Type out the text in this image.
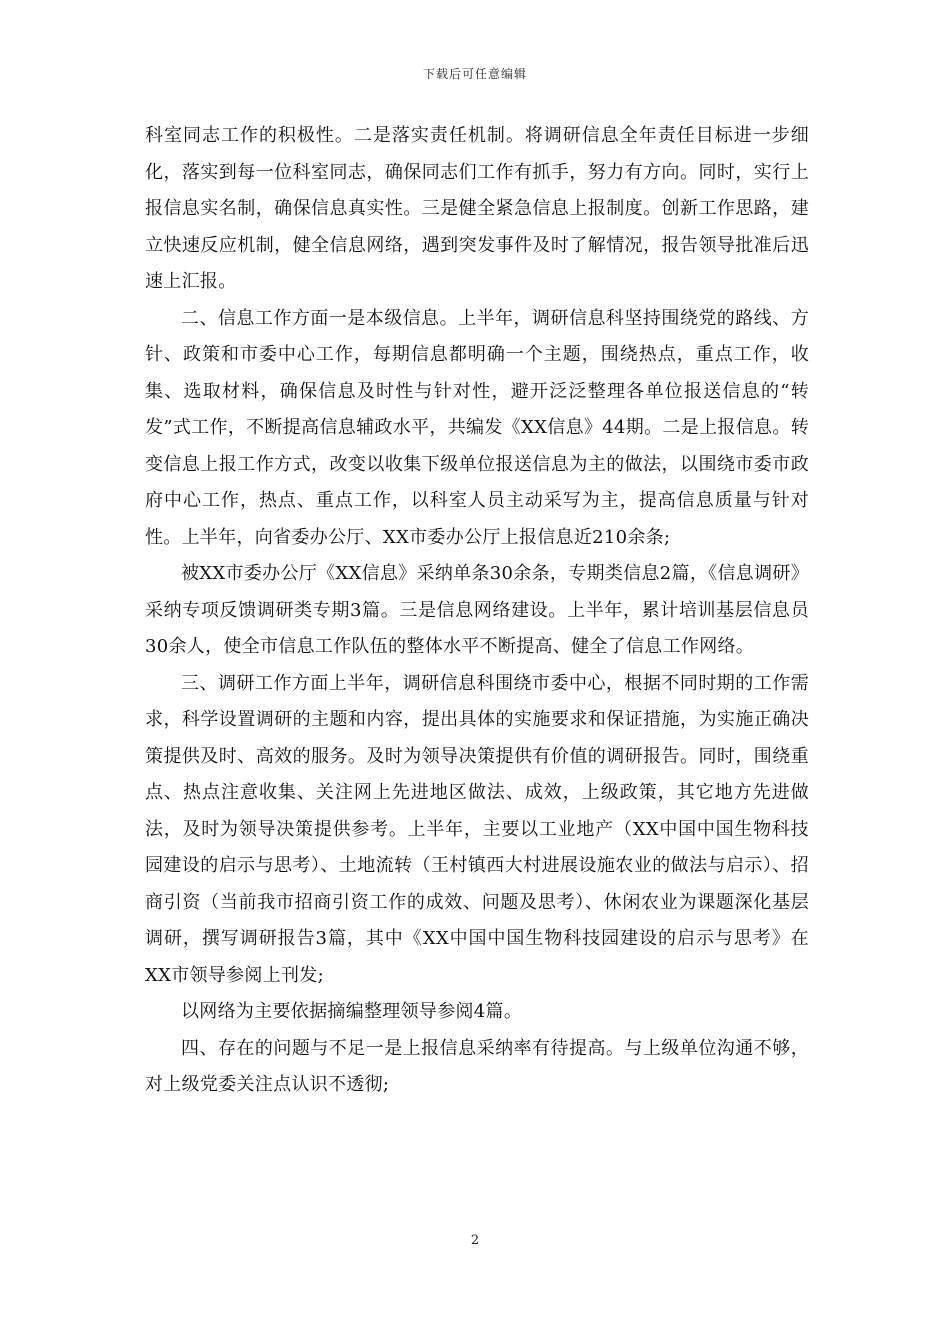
下载后可任意编辑

科室同志工作的积极性。二是落实责任机制。将调研信息全年责任目标进一步细化，落实到每一位科室同志，确保同志们工作有抓手，努力有方向。同时，实行上报信息实名制，确保信息真实性。三是健全紧急信息上报制度。创新工作思路，建立快速反应机制，健全信息网络，遇到突发事件及时了解情况，报告领导批准后迅速上汇报。

二、信息工作方面一是本级信息。上半年，调研信息科坚持围绕党的路线、方针、政策和市委中心工作，每期信息都明确一个主题，围绕热点，重点工作，收集、选取材料，确保信息及时性与针对性，避开泛泛整理各单位报送信息的“转发”式工作，不断提高信息辅政水平，共编发《XX信息》44期。二是上报信息。转变信息上报工作方式，改变以收集下级单位报送信息为主的做法，以围绕市委市政府中心工作，热点、重点工作，以科室人员主动采写为主，提高信息质量与针对性。上半年，向省委办公厅、XX市委办公厅上报信息近210余条;

被XX市委办公厅《XX信息》采纳单条30余条，专期类信息2篇，《信息调研》采纳专项反馈调研类专期3篇。三是信息网络建设。上半年，累计培训基层信息员30余人，使全市信息工作队伍的整体水平不断提高、健全了信息工作网络。

三、调研工作方面上半年，调研信息科围绕市委中心，根据不同时期的工作需求，科学设置调研的主题和内容，提出具体的实施要求和保证措施，为实施正确决策提供及时、高效的服务。及时为领导决策提供有价值的调研报告。同时，围绕重点、热点注意收集、关注网上先进地区做法、成效，上级政策，其它地方先进做法，及时为领导决策提供参考。上半年，主要以工业地产（XX中国中国生物科技园建设的启示与思考）、土地流转（王村镇西大村进展设施农业的做法与启示）、招商引资（当前我市招商引资工作的成效、问题及思考）、休闲农业为课题深化基层调研，撰写调研报告3篇，其中《XX中国中国生物科技园建设的启示与思考》在XX市领导参阅上刊发;

以网络为主要依据摘编整理领导参阅4篇。

四、存在的问题与不足一是上报信息采纳率有待提高。与上级单位沟通不够，对上级党委关注点认识不透彻;

2
